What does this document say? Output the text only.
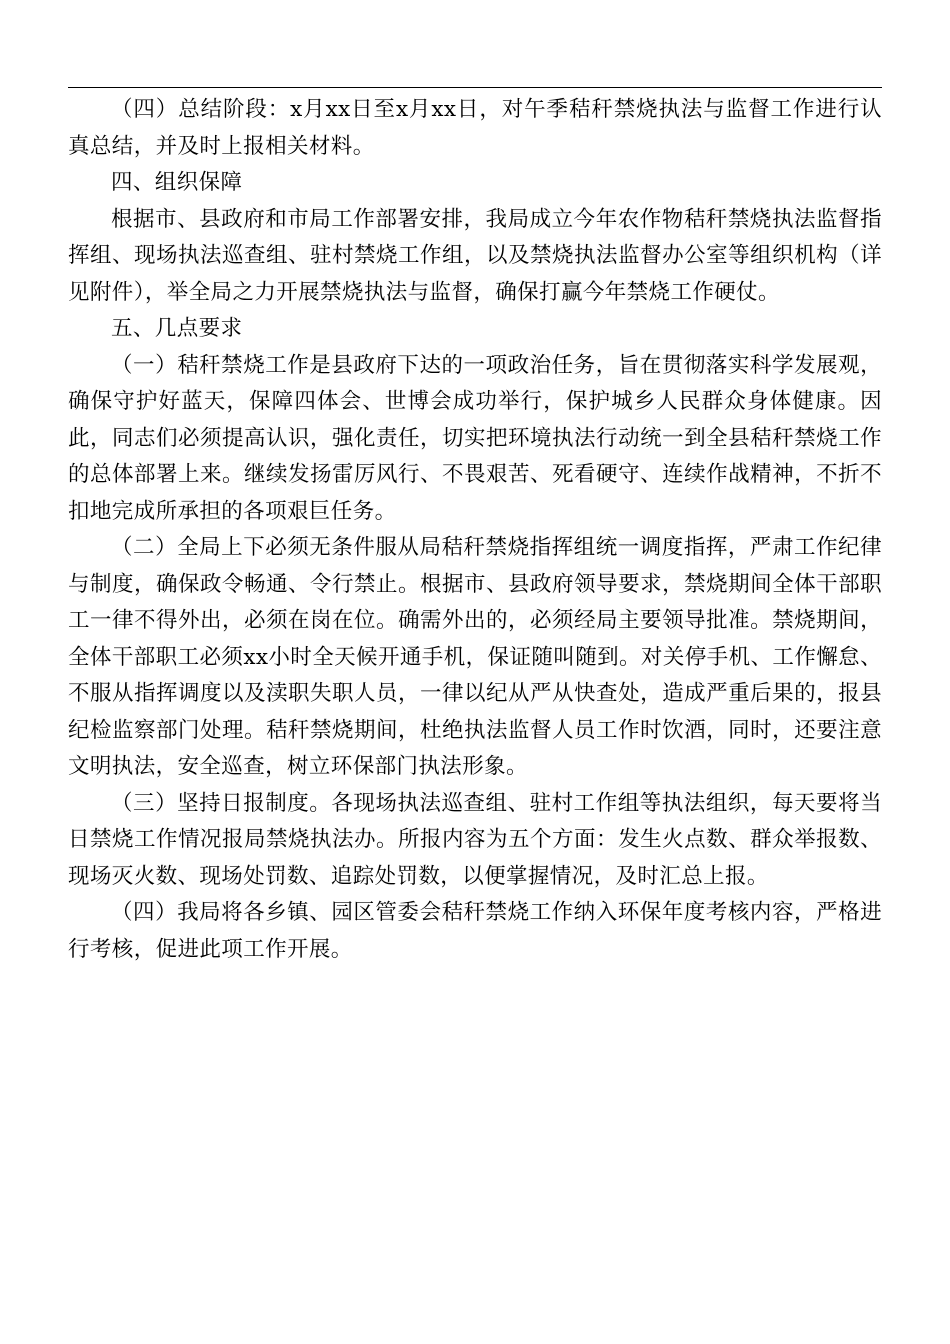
（四）总结阶段：x月xx日至x月xx日，对午季秸秆禁烧执法与监督工作进行认真总结，并及时上报相关材料。

四、组织保障

根据市、县政府和市局工作部署安排，我局成立今年农作物秸秆禁烧执法监督指挥组、现场执法巡查组、驻村禁烧工作组，以及禁烧执法监督办公室等组织机构（详见附件），举全局之力开展禁烧执法与监督，确保打赢今年禁烧工作硬仗。

五、几点要求

（一）秸秆禁烧工作是县政府下达的一项政治任务，旨在贯彻落实科学发展观，确保守护好蓝天，保障四体会、世博会成功举行，保护城乡人民群众身体健康。因此，同志们必须提高认识，强化责任，切实把环境执法行动统一到全县秸秆禁烧工作的总体部署上来。继续发扬雷厉风行、不畏艰苦、死看硬守、连续作战精神，不折不扣地完成所承担的各项艰巨任务。

（二）全局上下必须无条件服从局秸秆禁烧指挥组统一调度指挥，严肃工作纪律与制度，确保政令畅通、令行禁止。根据市、县政府领导要求，禁烧期间全体干部职工一律不得外出，必须在岗在位。确需外出的，必须经局主要领导批准。禁烧期间，全体干部职工必须xx小时全天候开通手机，保证随叫随到。对关停手机、工作懈怠、不服从指挥调度以及渎职失职人员，一律以纪从严从快查处，造成严重后果的，报县纪检监察部门处理。秸秆禁烧期间，杜绝执法监督人员工作时饮酒，同时，还要注意文明执法，安全巡查，树立环保部门执法形象。

（三）坚持日报制度。各现场执法巡查组、驻村工作组等执法组织，每天要将当日禁烧工作情况报局禁烧执法办。所报内容为五个方面：发生火点数、群众举报数、现场灭火数、现场处罚数、追踪处罚数，以便掌握情况，及时汇总上报。

（四）我局将各乡镇、园区管委会秸秆禁烧工作纳入环保年度考核内容，严格进行考核，促进此项工作开展。
